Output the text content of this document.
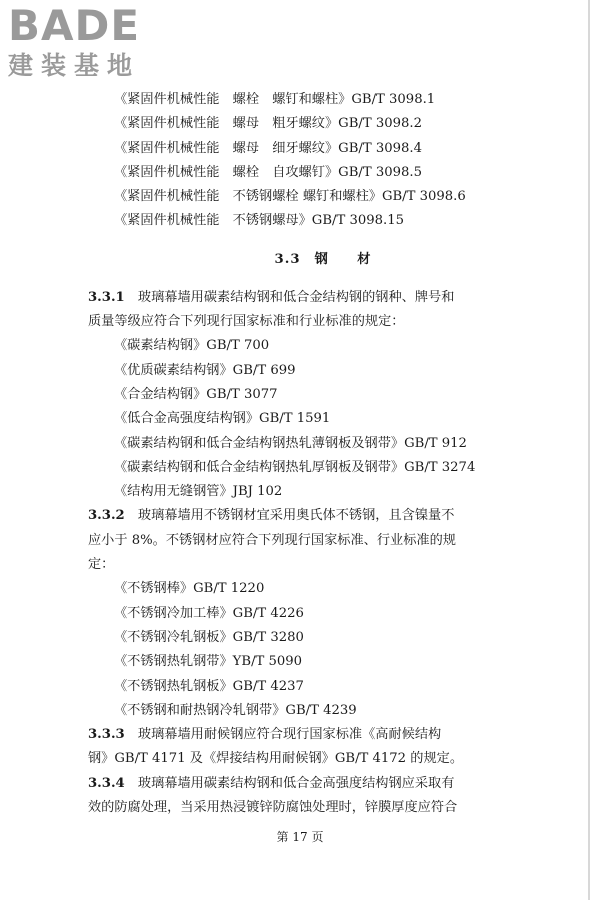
BADE
建装基地
《紧固件机械性能　螺栓　螺钉和螺柱》GB/T 3098.1
《紧固件机械性能　螺母　粗牙螺纹》GB/T 3098.2
《紧固件机械性能　螺母　细牙螺纹》GB/T 3098.4
《紧固件机械性能　螺栓　自攻螺钉》GB/T 3098.5
《紧固件机械性能　不锈钢螺栓 螺钉和螺柱》GB/T 3098.6
《紧固件机械性能　不锈钢螺母》GB/T 3098.15
3.3　钢　　材
3.3.1　 玻璃幕墙用碳素结构钢和低合金结构钢的钢种、牌号和
质量等级应符合下列现行国家标准和行业标准的规定：
《碳素结构钢》GB/T 700
《优质碳素结构钢》GB/T 699
《合金结构钢》GB/T 3077
《低合金高强度结构钢》GB/T 1591
《碳素结构钢和低合金结构钢热轧薄钢板及钢带》GB/T 912
《碳素结构钢和低合金结构钢热轧厚钢板及钢带》GB/T 3274
《结构用无缝钢管》JBJ 102
3.3.2　 玻璃幕墙用不锈钢材宜采用奥氏体不锈钢，且含镍量不
应小于 8%。不锈钢材应符合下列现行国家标准、行业标准的规
定：
《不锈钢棒》GB/T 1220
《不锈钢冷加工棒》GB/T 4226
《不锈钢冷轧钢板》GB/T 3280
《不锈钢热轧钢带》YB/T 5090
《不锈钢热轧钢板》GB/T 4237
《不锈钢和耐热钢冷轧钢带》GB/T 4239
3.3.3　 玻璃幕墙用耐候钢应符合现行国家标准《高耐候结构
钢》GB/T 4171 及《焊接结构用耐候钢》GB/T 4172 的规定。
3.3.4　 玻璃幕墙用碳素结构钢和低合金高强度结构钢应采取有
效的防腐处理，当采用热浸镀锌防腐蚀处理时，锌膜厚度应符合
第 17 页
